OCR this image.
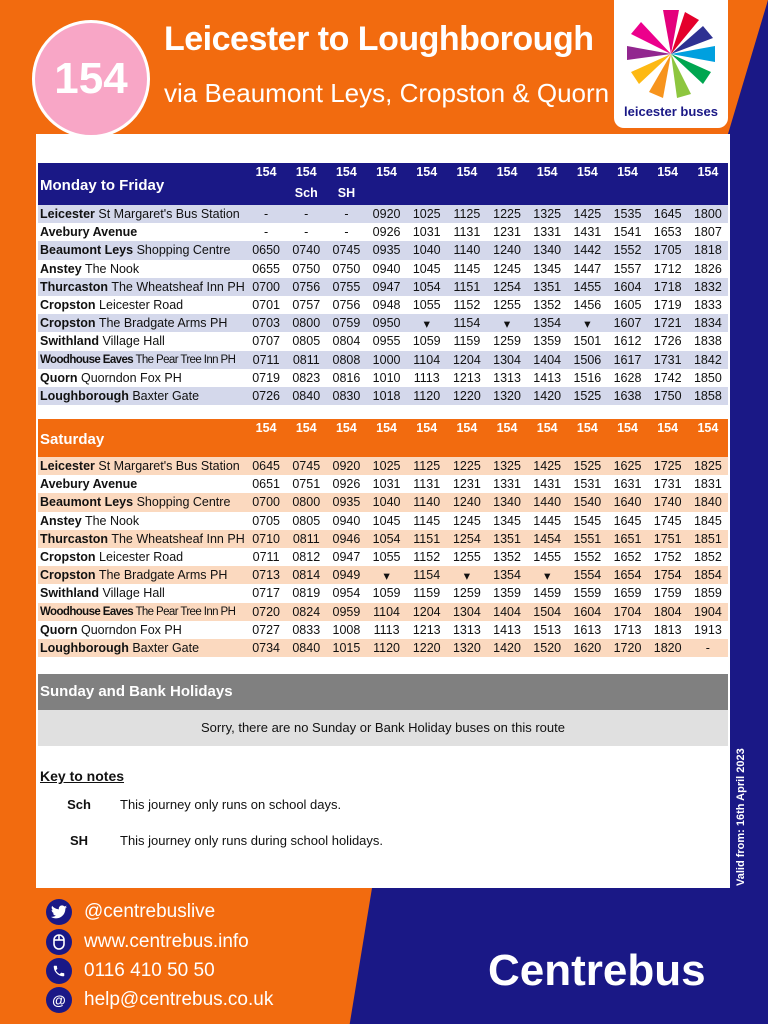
154
Leicester to Loughborough
via Beaumont Leys, Cropston & Quorn
leicester buses
Monday to Friday	154	154	154	154	154	154	154	154	154	154	154	154
		Sch	SH									
Leicester St Margaret's Bus Station	-	-	-	0920	1025	1125	1225	1325	1425	1535	1645	1800
Avebury Avenue	-	-	-	0926	1031	1131	1231	1331	1431	1541	1653	1807
Beaumont Leys Shopping Centre	0650	0740	0745	0935	1040	1140	1240	1340	1442	1552	1705	1818
Anstey The Nook	0655	0750	0750	0940	1045	1145	1245	1345	1447	1557	1712	1826
Thurcaston The Wheatsheaf Inn PH	0700	0756	0755	0947	1054	1151	1254	1351	1455	1604	1718	1832
Cropston Leicester Road	0701	0757	0756	0948	1055	1152	1255	1352	1456	1605	1719	1833
Cropston The Bradgate Arms PH	0703	0800	0759	0950	▾	1154	▾	1354	▾	1607	1721	1834
Swithland Village Hall	0707	0805	0804	0955	1059	1159	1259	1359	1501	1612	1726	1838
Woodhouse Eaves The Pear Tree Inn PH	0711	0811	0808	1000	1104	1204	1304	1404	1506	1617	1731	1842
Quorn Quorndon Fox PH	0719	0823	0816	1010	1113	1213	1313	1413	1516	1628	1742	1850
Loughborough Baxter Gate	0726	0840	0830	1018	1120	1220	1320	1420	1525	1638	1750	1858
Saturday	154	154	154	154	154	154	154	154	154	154	154	154
Leicester St Margaret's Bus Station	0645	0745	0920	1025	1125	1225	1325	1425	1525	1625	1725	1825
Avebury Avenue	0651	0751	0926	1031	1131	1231	1331	1431	1531	1631	1731	1831
Beaumont Leys Shopping Centre	0700	0800	0935	1040	1140	1240	1340	1440	1540	1640	1740	1840
Anstey The Nook	0705	0805	0940	1045	1145	1245	1345	1445	1545	1645	1745	1845
Thurcaston The Wheatsheaf Inn PH	0710	0811	0946	1054	1151	1254	1351	1454	1551	1651	1751	1851
Cropston Leicester Road	0711	0812	0947	1055	1152	1255	1352	1455	1552	1652	1752	1852
Cropston The Bradgate Arms PH	0713	0814	0949	▾	1154	▾	1354	▾	1554	1654	1754	1854
Swithland Village Hall	0717	0819	0954	1059	1159	1259	1359	1459	1559	1659	1759	1859
Woodhouse Eaves The Pear Tree Inn PH	0720	0824	0959	1104	1204	1304	1404	1504	1604	1704	1804	1904
Quorn Quorndon Fox PH	0727	0833	1008	1113	1213	1313	1413	1513	1613	1713	1813	1913
Loughborough Baxter Gate	0734	0840	1015	1120	1220	1320	1420	1520	1620	1720	1820	-
Sunday and Bank Holidays
Sorry, there are no Sunday or Bank Holiday buses on this route
Key to notes
Sch	This journey only runs on school days.
SH	This journey only runs during school holidays.	Valid from: 16th April 2023
@centrebuslive
www.centrebus.info
0116 410 50 50
@ help@centrebus.co.uk
Centrebus
